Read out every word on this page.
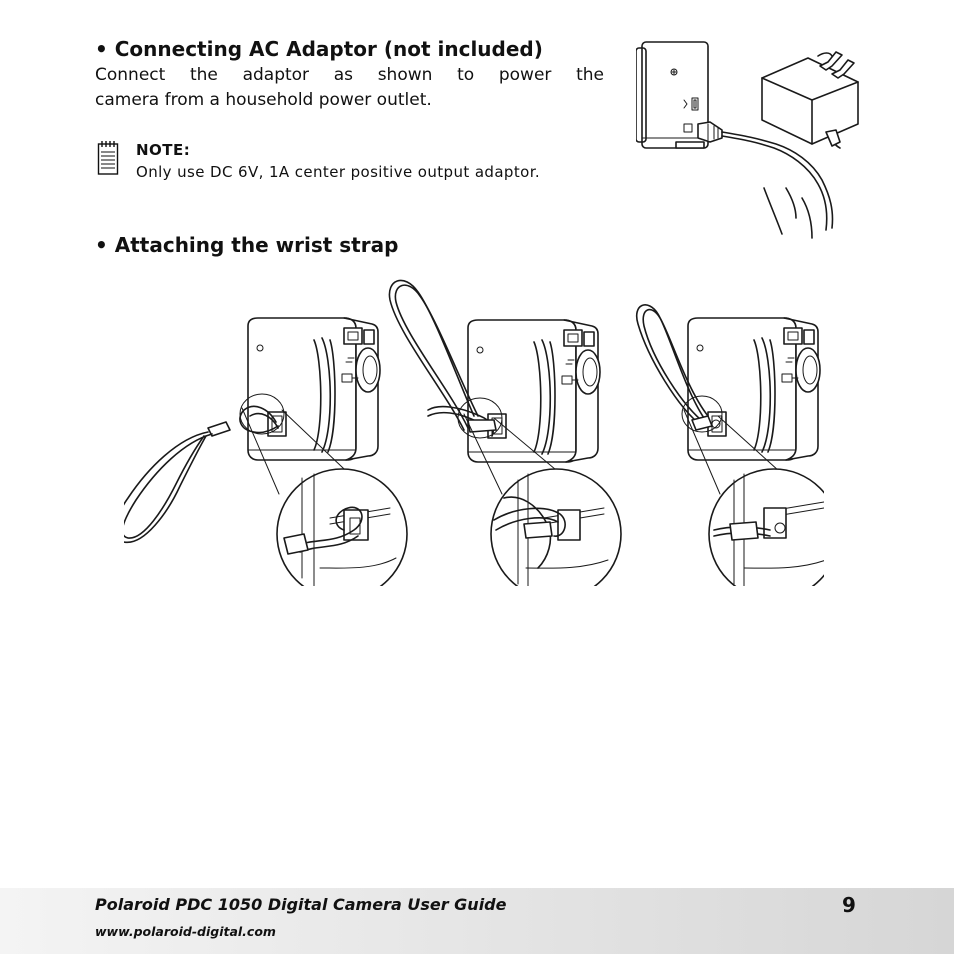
• Connecting AC Adaptor (not included)
Connect the adaptor as shown to power the
camera from a household power outlet.
NOTE:
Only use DC 6V, 1A center positive output adaptor.
• Attaching the wrist strap
Polaroid PDC 1050 Digital Camera User Guide
www.polaroid-digital.com
9
